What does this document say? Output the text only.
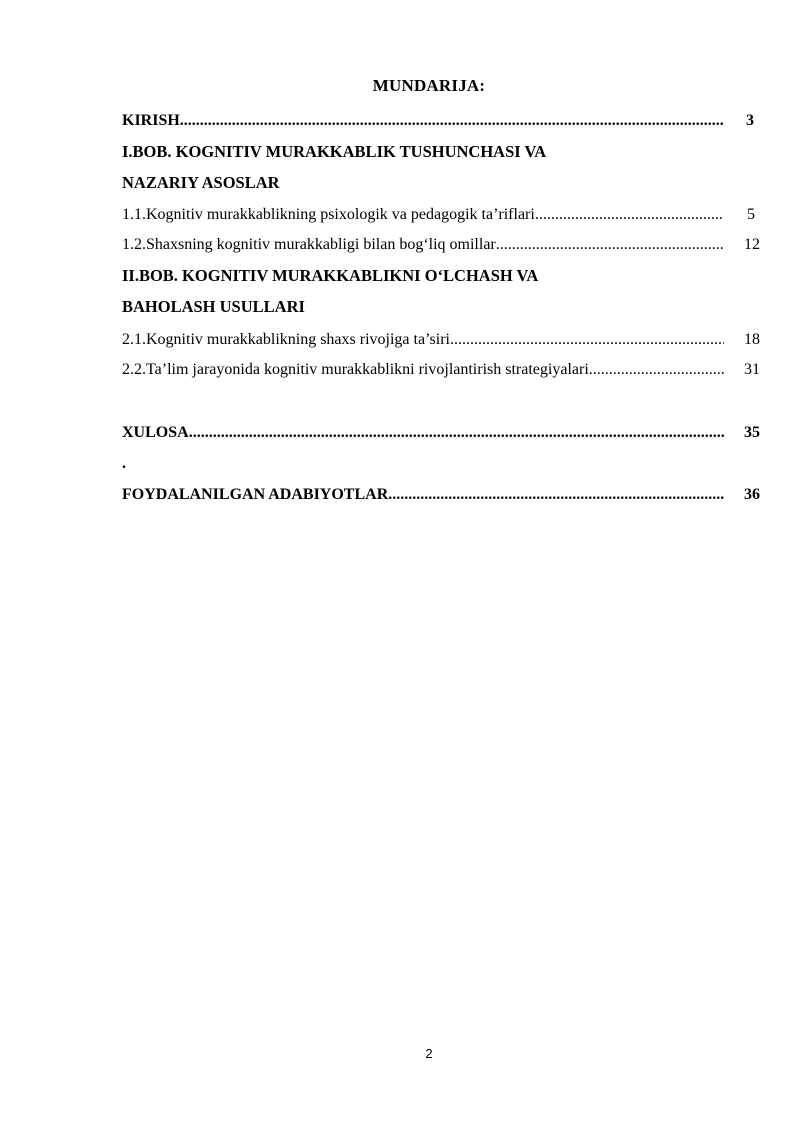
MUNDARIJA:
KIRISH	3
.....
I.BOB. KOGNITIV MURAKKABLIK TUSHUNCHASI VA
NAZARIY ASOSLAR
1.1.Kognitiv murakkablikning psixologik va pedagogik ta’riflari	5
.....
1.2.Shaxsning kognitiv murakkabligi bilan bog‘liq omillar	12
.....
II.BOB. KOGNITIV MURAKKABLIKNI O‘LCHASH VA
BAHOLASH USULLARI
2.1.Kognitiv murakkablikning shaxs rivojiga ta’siri	18
.....
2.2.Ta’lim jarayonida kognitiv murakkablikni rivojlantirish strategiyalari	31
.....
XULOSA	35
.....
.
FOYDALANILGAN ADABIYOTLAR	36
.....
2
